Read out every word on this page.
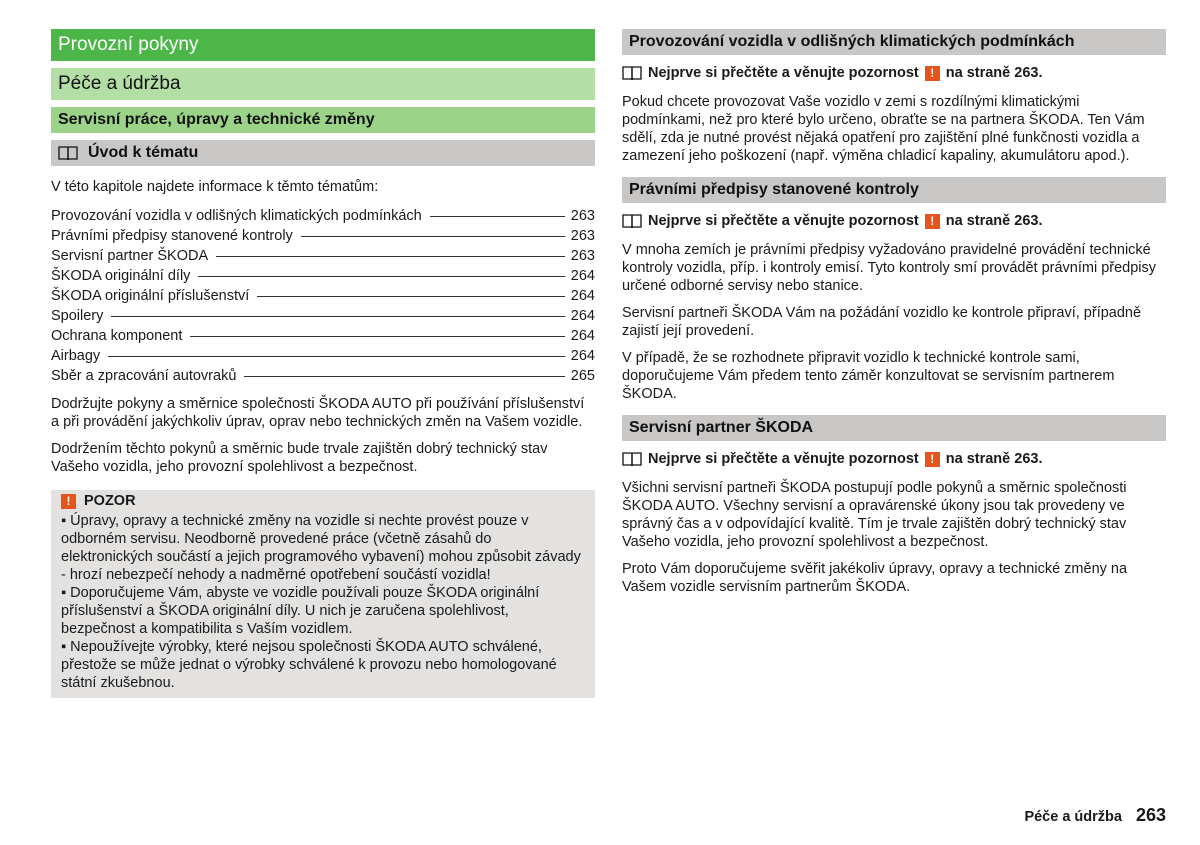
Provozní pokyny
Péče a údržba
Servisní práce, úpravy a technické změny
Úvod k tématu

V této kapitole najdete informace k těmto tématům:

Provozování vozidla v odlišných klimatických podmínkách	263
Právními předpisy stanovené kontroly	263
Servisní partner ŠKODA	263
ŠKODA originální díly	264
ŠKODA originální příslušenství	264
Spoilery	264
Ochrana komponent	264
Airbagy	264
Sběr a zpracování autovraků	265

Dodržujte pokyny a směrnice společnosti ŠKODA AUTO při používání příslušenství a při provádění jakýchkoliv úprav, oprav nebo technických změn na Vašem vozidle.

Dodržením těchto pokynů a směrnic bude trvale zajištěn dobrý technický stav Vašeho vozidla, jeho provozní spolehlivost a bezpečnost.

! POZOR

▪ Úpravy, opravy a technické změny na vozidle si nechte provést pouze v odborném servisu. Neodborně provedené práce (včetně zásahů do elektronických součástí a jejich programového vybavení) mohou způsobit závady - hrozí nebezpečí nehody a nadměrné opotřebení součástí vozidla!

▪ Doporučujeme Vám, abyste ve vozidle používali pouze ŠKODA originální příslušenství a ŠKODA originální díly. U nich je zaručena spolehlivost, bezpečnost a kompatibilita s Vaším vozidlem.

▪ Nepoužívejte výrobky, které nejsou společnosti ŠKODA AUTO schválené, přestože se může jednat o výrobky schválené k provozu nebo homologované státní zkušebnou.

Provozování vozidla v odlišných klimatických podmínkách
Nejprve si přečtěte a věnujte pozornost ! na straně 263.

Pokud chcete provozovat Vaše vozidlo v zemi s rozdílnými klimatickými podmínkami, než pro které bylo určeno, obraťte se na partnera ŠKODA. Ten Vám sdělí, zda je nutné provést nějaká opatření pro zajištění plné funkčnosti vozidla a zamezení jeho poškození (např. výměna chladicí kapaliny, akumulátoru apod.).

Právními předpisy stanovené kontroly
Nejprve si přečtěte a věnujte pozornost ! na straně 263.

V mnoha zemích je právními předpisy vyžadováno pravidelné provádění technické kontroly vozidla, příp. i kontroly emisí. Tyto kontroly smí provádět právními předpisy určené odborné servisy nebo stanice.

Servisní partneři ŠKODA Vám na požádání vozidlo ke kontrole připraví, případně zajistí její provedení.

V případě, že se rozhodnete připravit vozidlo k technické kontrole sami, doporučujeme Vám předem tento záměr konzultovat se servisním partnerem ŠKODA.

Servisní partner ŠKODA
Nejprve si přečtěte a věnujte pozornost ! na straně 263.

Všichni servisní partneři ŠKODA postupují podle pokynů a směrnic společnosti ŠKODA AUTO. Všechny servisní a opravárenské úkony jsou tak provedeny ve správný čas a v odpovídající kvalitě. Tím je trvale zajištěn dobrý technický stav Vašeho vozidla, jeho provozní spolehlivost a bezpečnost.

Proto Vám doporučujeme svěřit jakékoliv úpravy, opravy a technické změny na Vašem vozidle servisním partnerům ŠKODA.

Péče a údržba 263
